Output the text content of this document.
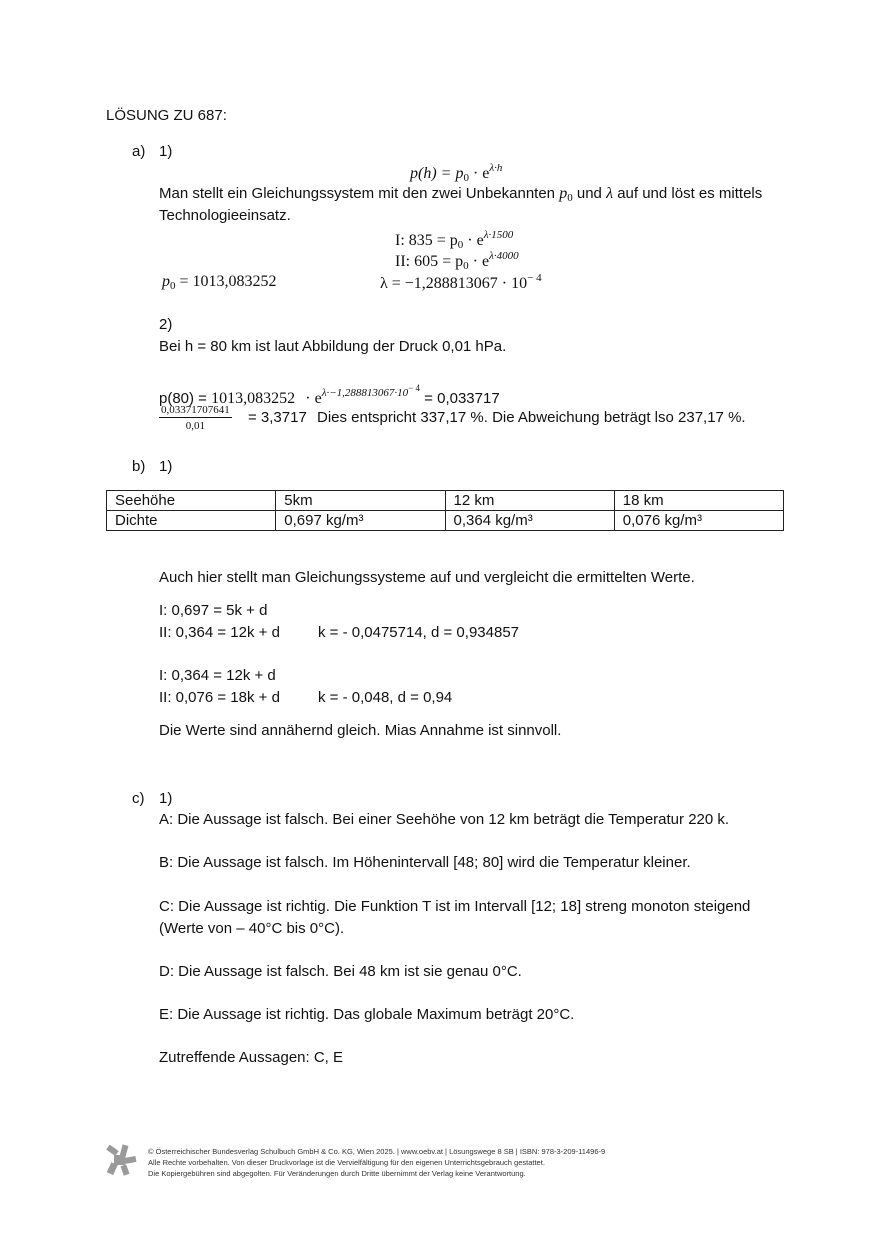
LÖSUNG ZU 687:
a) 1)
$p(h) = p_0 \cdot e^{\lambda\cdot h}$
Man stellt ein Gleichungssystem mit den zwei Unbekannten $p_0$ und λ auf und löst es mittels
Technologieeinsatz.
I: $835 = p_0 \cdot e^{\lambda\cdot 1500}$
II: $605 = p_0 \cdot e^{\lambda\cdot 4000}$
$p_0 = 1013,083252$	$\lambda = -1,288813067 \cdot 10^{- 4}$
2)
Bei h = 80 km ist laut Abbildung der Druck 0,01 hPa.
$p(80) = 1013,083252 \cdot e^{\lambda\cdot-1,288813067\cdot 10- 4} = 0,033717$
$\frac{0,03371707641}{0,01} = 3,3717$ Dies entspricht 337,17 %. Die Abweichung beträgt lso 237,17 %.
b) 1)
Seehöhe	5km	12 km	18 km
Dichte	0,697 kg/m³	0,364 kg/m³	0,076 kg/m³
Auch hier stellt man Gleichungssysteme auf und vergleicht die ermittelten Werte.
I: 0,697 = 5k + d
II: 0,364 = 12k + d	k = - 0,0475714, d = 0,934857
I: 0,364 = 12k + d
II: 0,076 = 18k + d	k = - 0,048, d = 0,94
Die Werte sind annähernd gleich. Mias Annahme ist sinnvoll.
c) 1)
A: Die Aussage ist falsch. Bei einer Seehöhe von 12 km beträgt die Temperatur 220 k.
B: Die Aussage ist falsch. Im Höhenintervall [48; 80] wird die Temperatur kleiner.
C: Die Aussage ist richtig. Die Funktion T ist im Intervall [12; 18] streng monoton steigend
(Werte von – 40°C bis 0°C).
D: Die Aussage ist falsch. Bei 48 km ist sie genau 0°C.
E: Die Aussage ist richtig. Das globale Maximum beträgt 20°C.
Zutreffende Aussagen: C, E
© Österreichischer Bundesverlag Schulbuch GmbH & Co. KG, Wien 2025. | www.oebv.at | Lösungswege 8 SB | ISBN: 978-3-209-11496-9
Alle Rechte vorbehalten. Von dieser Druckvorlage ist die Vervielfältigung für den eigenen Unterrichtsgebrauch gestattet.
Die Kopiergebühren sind abgegolten. Für Veränderungen durch Dritte übernimmt der Verlag keine Verantwortung.
